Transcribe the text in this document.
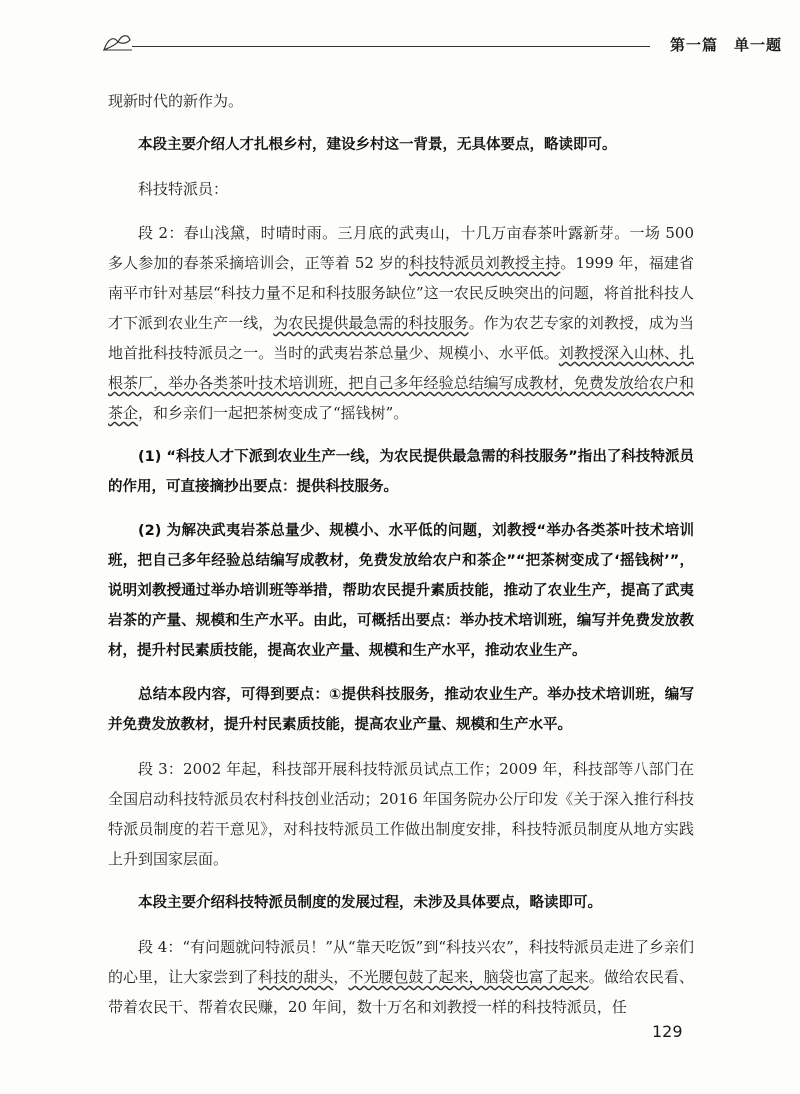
第一篇　单一题

现新时代的新作为。

本段主要介绍人才扎根乡村，建设乡村这一背景，无具体要点，略读即可。

科技特派员：

段 2：春山浅黛，时晴时雨。三月底的武夷山，十几万亩春茶叶露新芽。一场 500 多人参加的春茶采摘培训会，正等着 52 岁的科技特派员刘教授主持。1999 年，福建省南平市针对基层“科技力量不足和科技服务缺位”这一农民反映突出的问题，将首批科技人才下派到农业生产一线，为农民提供最急需的科技服务。作为农艺专家的刘教授，成为当地首批科技特派员之一。当时的武夷岩茶总量少、规模小、水平低。刘教授深入山林、扎根茶厂，举办各类茶叶技术培训班，把自己多年经验总结编写成教材，免费发放给农户和茶企，和乡亲们一起把茶树变成了“摇钱树”。

(1) “科技人才下派到农业生产一线，为农民提供最急需的科技服务”指出了科技特派员的作用，可直接摘抄出要点：提供科技服务。

(2) 为解决武夷岩茶总量少、规模小、水平低的问题，刘教授“举办各类茶叶技术培训班，把自己多年经验总结编写成教材，免费发放给农户和茶企”“把茶树变成了‘摇钱树’”，说明刘教授通过举办培训班等举措，帮助农民提升素质技能，推动了农业生产，提高了武夷岩茶的产量、规模和生产水平。由此，可概括出要点：举办技术培训班，编写并免费发放教材，提升村民素质技能，提高农业产量、规模和生产水平，推动农业生产。

总结本段内容，可得到要点：①提供科技服务，推动农业生产。举办技术培训班，编写并免费发放教材，提升村民素质技能，提高农业产量、规模和生产水平。

段 3：2002 年起，科技部开展科技特派员试点工作；2009 年，科技部等八部门在全国启动科技特派员农村科技创业活动；2016 年国务院办公厅印发《关于深入推行科技特派员制度的若干意见》，对科技特派员工作做出制度安排，科技特派员制度从地方实践上升到国家层面。

本段主要介绍科技特派员制度的发展过程，未涉及具体要点，略读即可。

段 4：“有问题就问特派员！”从“靠天吃饭”到“科技兴农”，科技特派员走进了乡亲们的心里，让大家尝到了科技的甜头，不光腰包鼓了起来，脑袋也富了起来。做给农民看、带着农民干、帮着农民赚，20 年间，数十万名和刘教授一样的科技特派员，任

129
